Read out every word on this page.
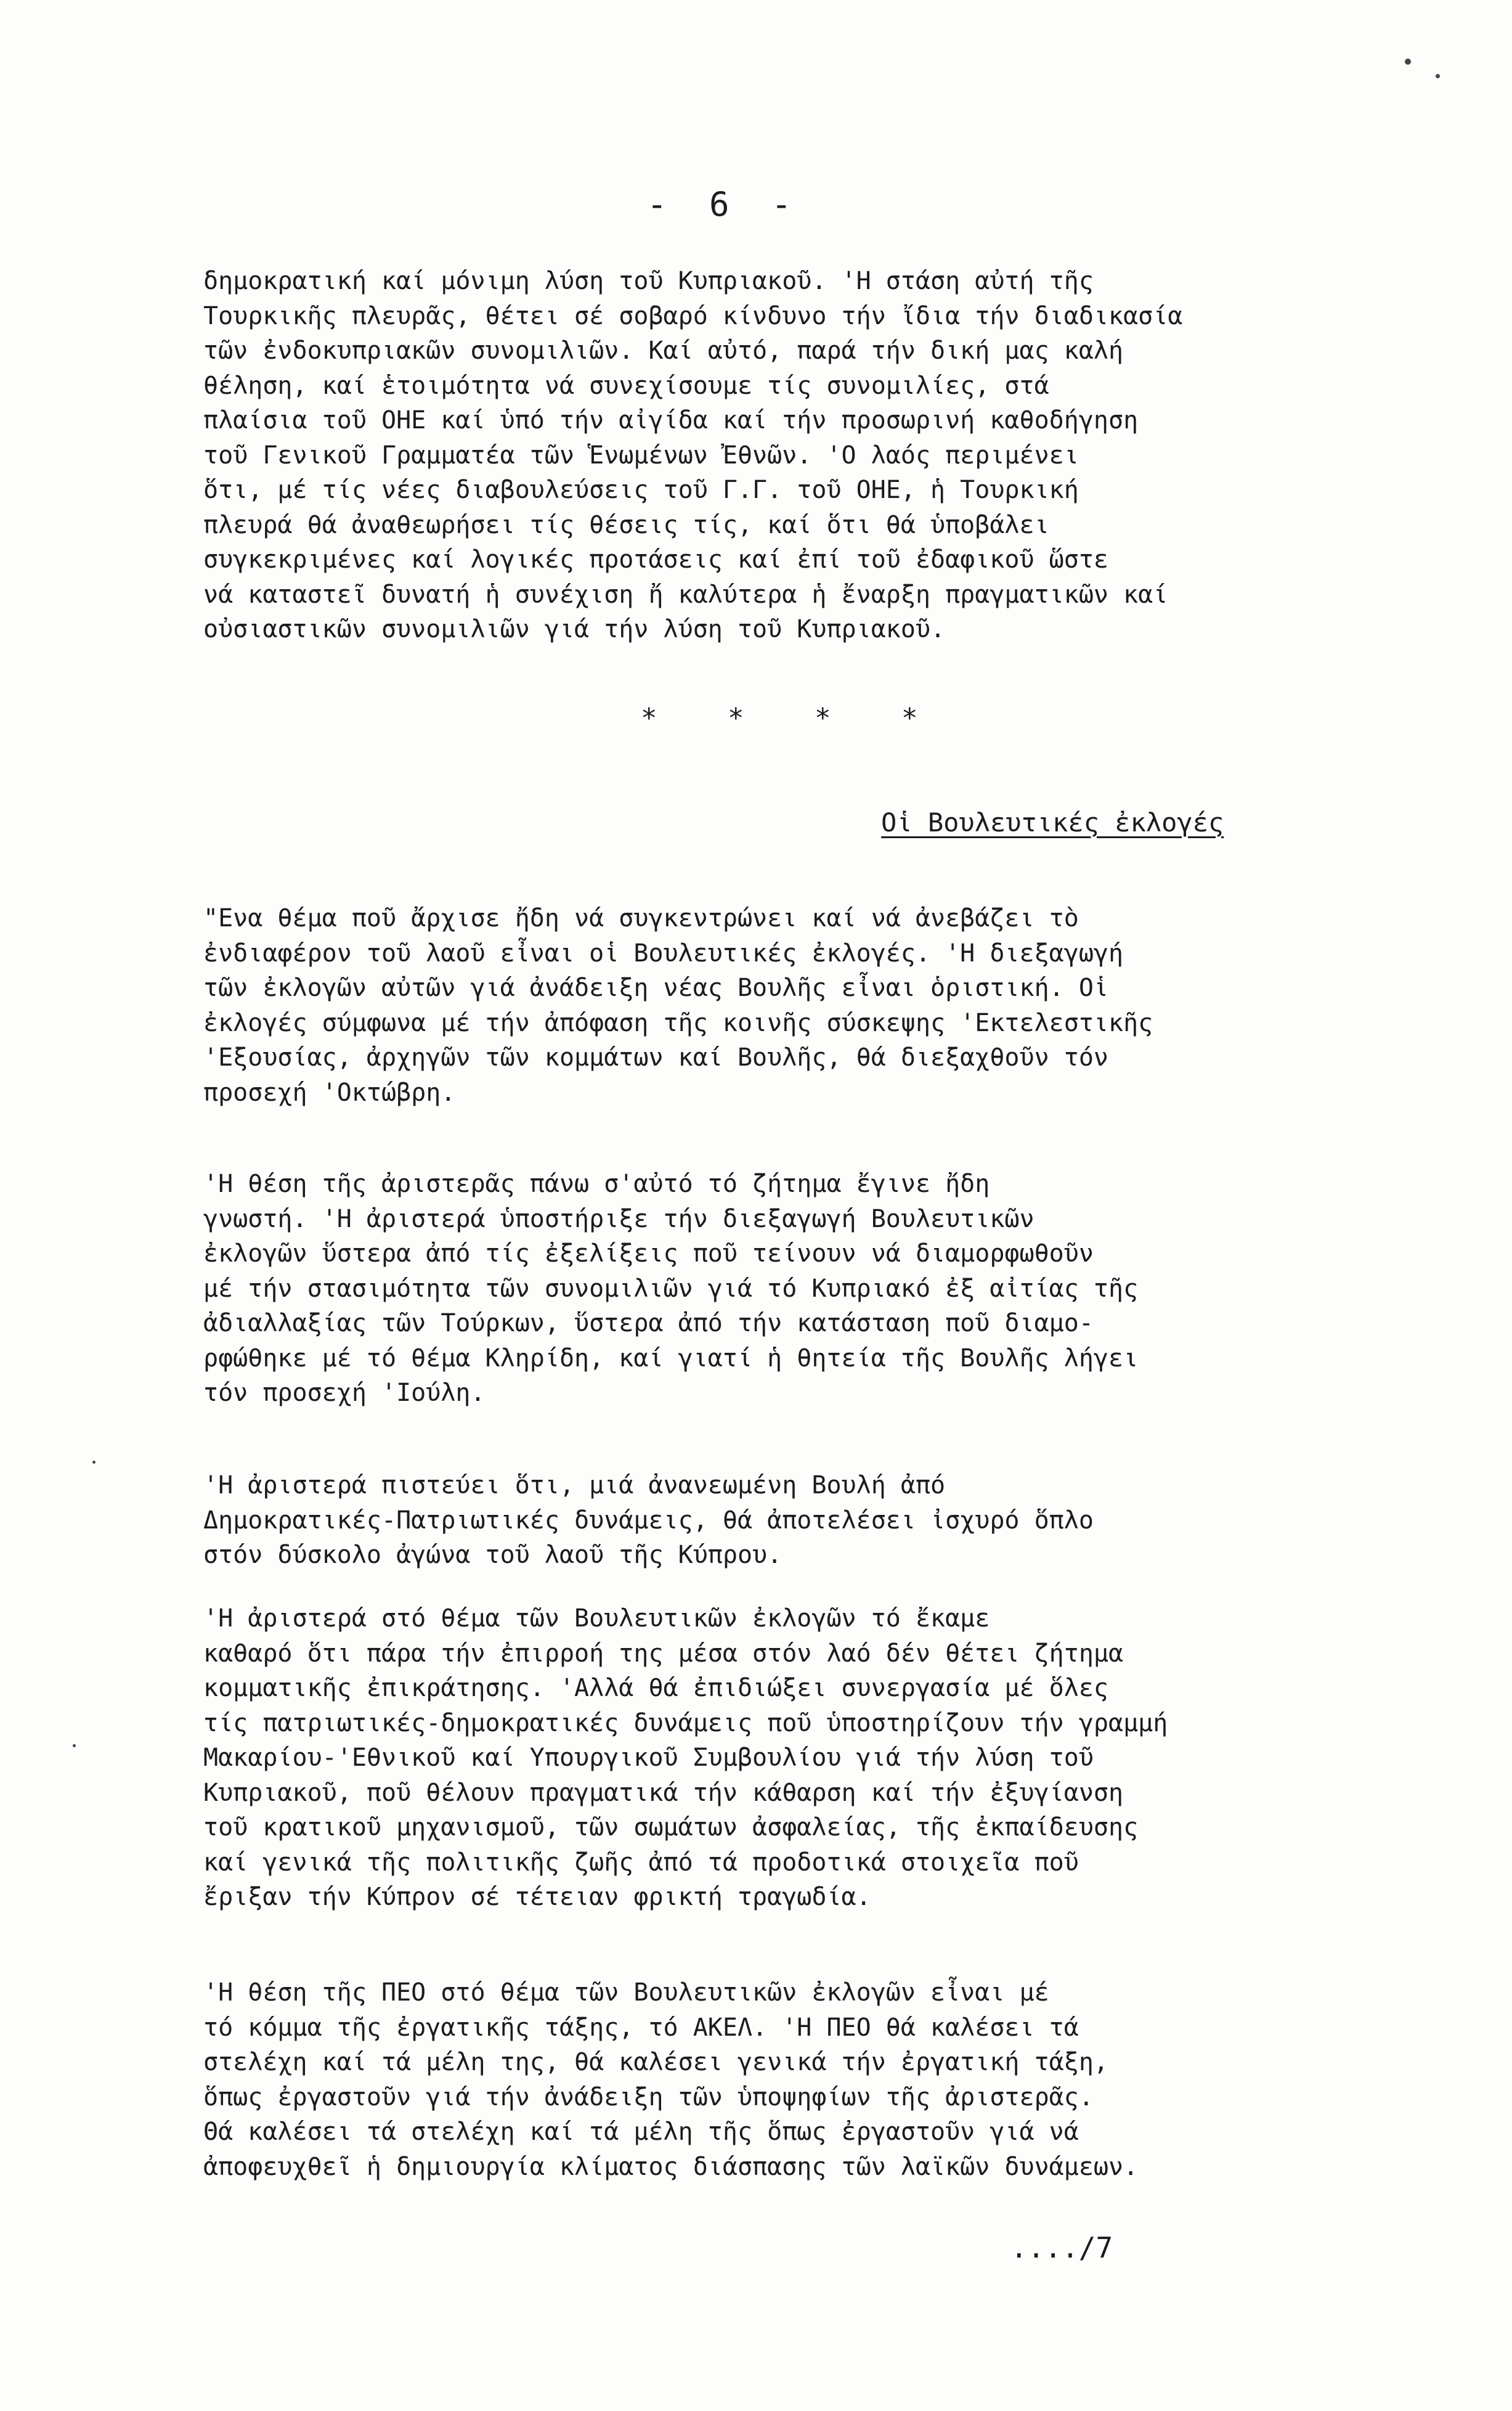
- 6 -
δημοκρατική καί μόνιμη λύση τοῦ Κυπριακοῦ. 'Η στάση αὐτή τῆς
Τουρκικῆς πλευρᾶς, θέτει σέ σοβαρό κίνδυνο τήν ἴδια τήν διαδικασία
τῶν ἐνδοκυπριακῶν συνομιλιῶν. Καί αὐτό, παρά τήν δική μας καλή
θέληση, καί ἑτοιμότητα νά συνεχίσουμε τίς συνομιλίες, στά
πλαίσια τοῦ ΟΗΕ καί ὑπό τήν αἰγίδα καί τήν προσωρινή καθοδήγηση
τοῦ Γενικοῦ Γραμματέα τῶν Ἑνωμένων Ἐθνῶν. 'Ο λαός περιμένει
ὅτι, μέ τίς νέες διαβουλεύσεις τοῦ Γ.Γ. τοῦ ΟΗΕ, ἡ Τουρκική
πλευρά θά ἀναθεωρήσει τίς θέσεις τίς, καί ὅτι θά ὑποβάλει
συγκεκριμένες καί λογικές προτάσεις καί ἐπί τοῦ ἐδαφικοῦ ὥστε
νά καταστεῖ δυνατή ἡ συνέχιση ἤ καλύτερα ἡ ἔναρξη πραγματικῶν καί
οὐσιαστικῶν συνομιλιῶν γιά τήν λύση τοῦ Κυπριακοῦ.
* * * *
Οἱ Βουλευτικές ἐκλογές
"Ενα θέμα ποῦ ἄρχισε ἤδη νά συγκεντρώνει καί νά ἀνεβάζει τὸ
ἐνδιαφέρον τοῦ λαοῦ εἶναι οἱ Βουλευτικές ἐκλογές. 'Η διεξαγωγή
τῶν ἐκλογῶν αὐτῶν γιά ἀνάδειξη νέας Βουλῆς εἶναι ὁριστική. Οἱ
ἐκλογές σύμφωνα μέ τήν ἀπόφαση τῆς κοινῆς σύσκεψης 'Εκτελεστικῆς
'Εξουσίας, ἀρχηγῶν τῶν κομμάτων καί Βουλῆς, θά διεξαχθοῦν τόν
προσεχή 'Οκτώβρη.
'Η θέση τῆς ἀριστερᾶς πάνω σ'αὐτό τό ζήτημα ἔγινε ἤδη
γνωστή. 'Η ἀριστερά ὑποστήριξε τήν διεξαγωγή Βουλευτικῶν
ἐκλογῶν ὕστερα ἀπό τίς ἐξελίξεις ποῦ τείνουν νά διαμορφωθοῦν
μέ τήν στασιμότητα τῶν συνομιλιῶν γιά τό Κυπριακό ἐξ αἰτίας τῆς
ἀδιαλλαξίας τῶν Τούρκων, ὕστερα ἀπό τήν κατάσταση ποῦ διαμο-
ρφώθηκε μέ τό θέμα Κληρίδη, καί γιατί ἡ θητεία τῆς Βουλῆς λήγει
τόν προσεχή 'Ιούλη.
'Η ἀριστερά πιστεύει ὅτι, μιά ἀνανεωμένη Βουλή ἀπό
Δημοκρατικές-Πατριωτικές δυνάμεις, θά ἀποτελέσει ἰσχυρό ὅπλο
στόν δύσκολο ἀγώνα τοῦ λαοῦ τῆς Κύπρου.
'Η ἀριστερά στό θέμα τῶν Βουλευτικῶν ἐκλογῶν τό ἔκαμε
καθαρό ὅτι πάρα τήν ἐπιρροή της μέσα στόν λαό δέν θέτει ζήτημα
κομματικῆς ἐπικράτησης. 'Αλλά θά ἐπιδιώξει συνεργασία μέ ὅλες
τίς πατριωτικές-δημοκρατικές δυνάμεις ποῦ ὑποστηρίζουν τήν γραμμή
Μακαρίου-'Εθνικοῦ καί Υπουργικοῦ Συμβουλίου γιά τήν λύση τοῦ
Κυπριακοῦ, ποῦ θέλουν πραγματικά τήν κάθαρση καί τήν ἐξυγίανση
τοῦ κρατικοῦ μηχανισμοῦ, τῶν σωμάτων ἀσφαλείας, τῆς ἐκπαίδευσης
καί γενικά τῆς πολιτικῆς ζωῆς ἀπό τά προδοτικά στοιχεῖα ποῦ
ἔριξαν τήν Κύπρον σέ τέτειαν φρικτή τραγωδία.
'Η θέση τῆς ΠΕΟ στό θέμα τῶν Βουλευτικῶν ἐκλογῶν εἶναι μέ
τό κόμμα τῆς ἐργατικῆς τάξης, τό ΑΚΕΛ. 'Η ΠΕΟ θά καλέσει τά
στελέχη καί τά μέλη της, θά καλέσει γενικά τήν ἐργατική τάξη,
ὅπως ἐργαστοῦν γιά τήν ἀνάδειξη τῶν ὑποψηφίων τῆς ἀριστερᾶς.
Θά καλέσει τά στελέχη καί τά μέλη τῆς ὅπως ἐργαστοῦν γιά νά
ἀποφευχθεῖ ἡ δημιουργία κλίματος διάσπασης τῶν λαϊκῶν δυνάμεων.
..../7
